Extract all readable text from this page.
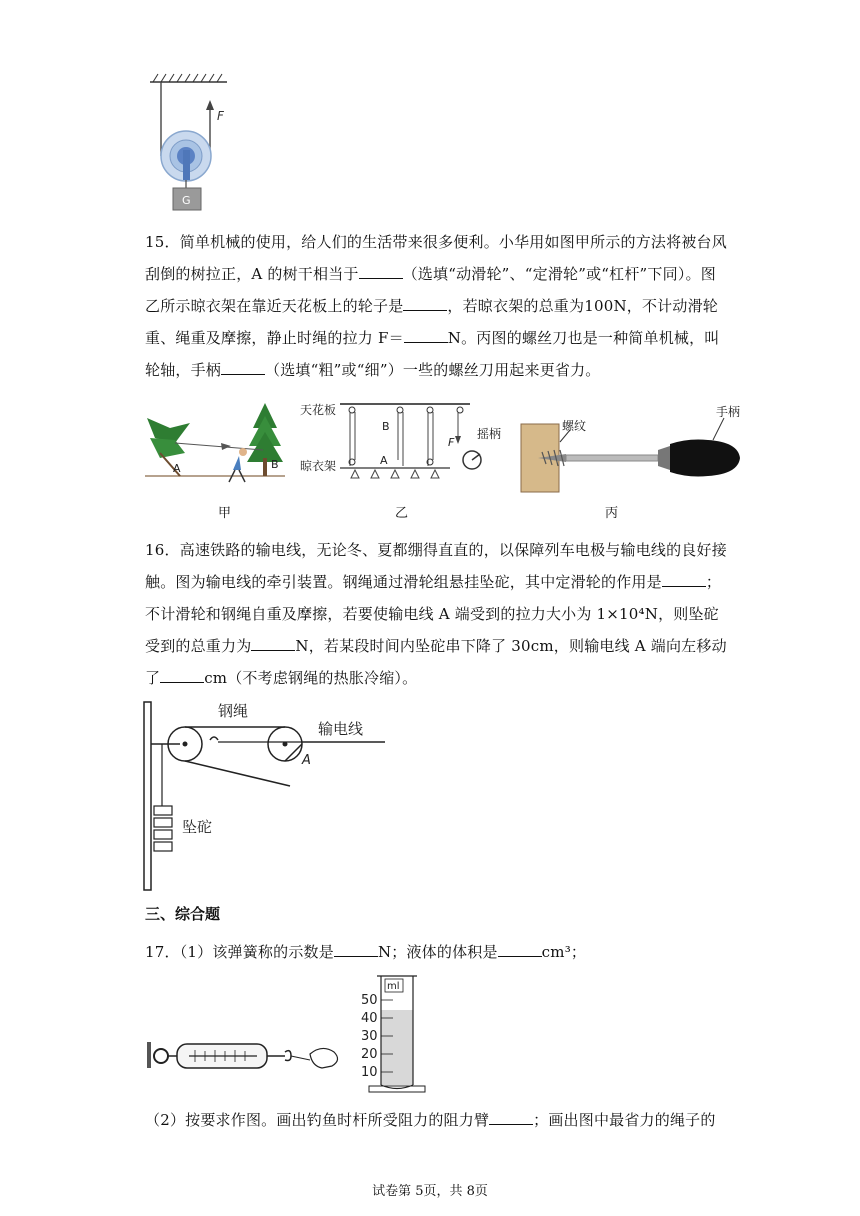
F
G
15．简单机械的使用，给人们的生活带来很多便利。小华用如图甲所示的方法将被台风刮倒的树拉正，A 的树干相当于	（选填“动滑轮”、“定滑轮”或“杠杆”下同）。图乙所示晾衣架在靠近天花板上的轮子是	，若晾衣架的总重为100N，不计动滑轮重、绳重及摩擦，静止时绳的拉力 F＝	N。丙图的螺丝刀也是一种简单机械，叫轮轴，手柄	（选填“粗”或“细”）一些的螺丝刀用起来更省力。
A	B
甲
天花板
B
F
摇柄
晾衣架	A
乙
螺纹
手柄
丙
16．高速铁路的输电线，无论冬、夏都绷得直直的，以保障列车电极与输电线的良好接触。图为输电线的牵引装置。钢绳通过滑轮组悬挂坠砣，其中定滑轮的作用是	；不计滑轮和钢绳自重及摩擦，若要使输电线 A 端受到的拉力大小为 1×10⁴N，则坠砣受到的总重力为	N，若某段时间内坠砣串下降了 30cm，则输电线 A 端向左移动了	cm（不考虑钢绳的热胀冷缩）。
钢绳
输电线
A
坠砣
三、综合题
17．（1）该弹簧称的示数是	N；液体的体积是	cm³；
ml
50
40
30
20
10
（2）按要求作图。画出钓鱼时杆所受阻力的阻力臂	；画出图中最省力的绳子的
试卷第 5页，共 8页
